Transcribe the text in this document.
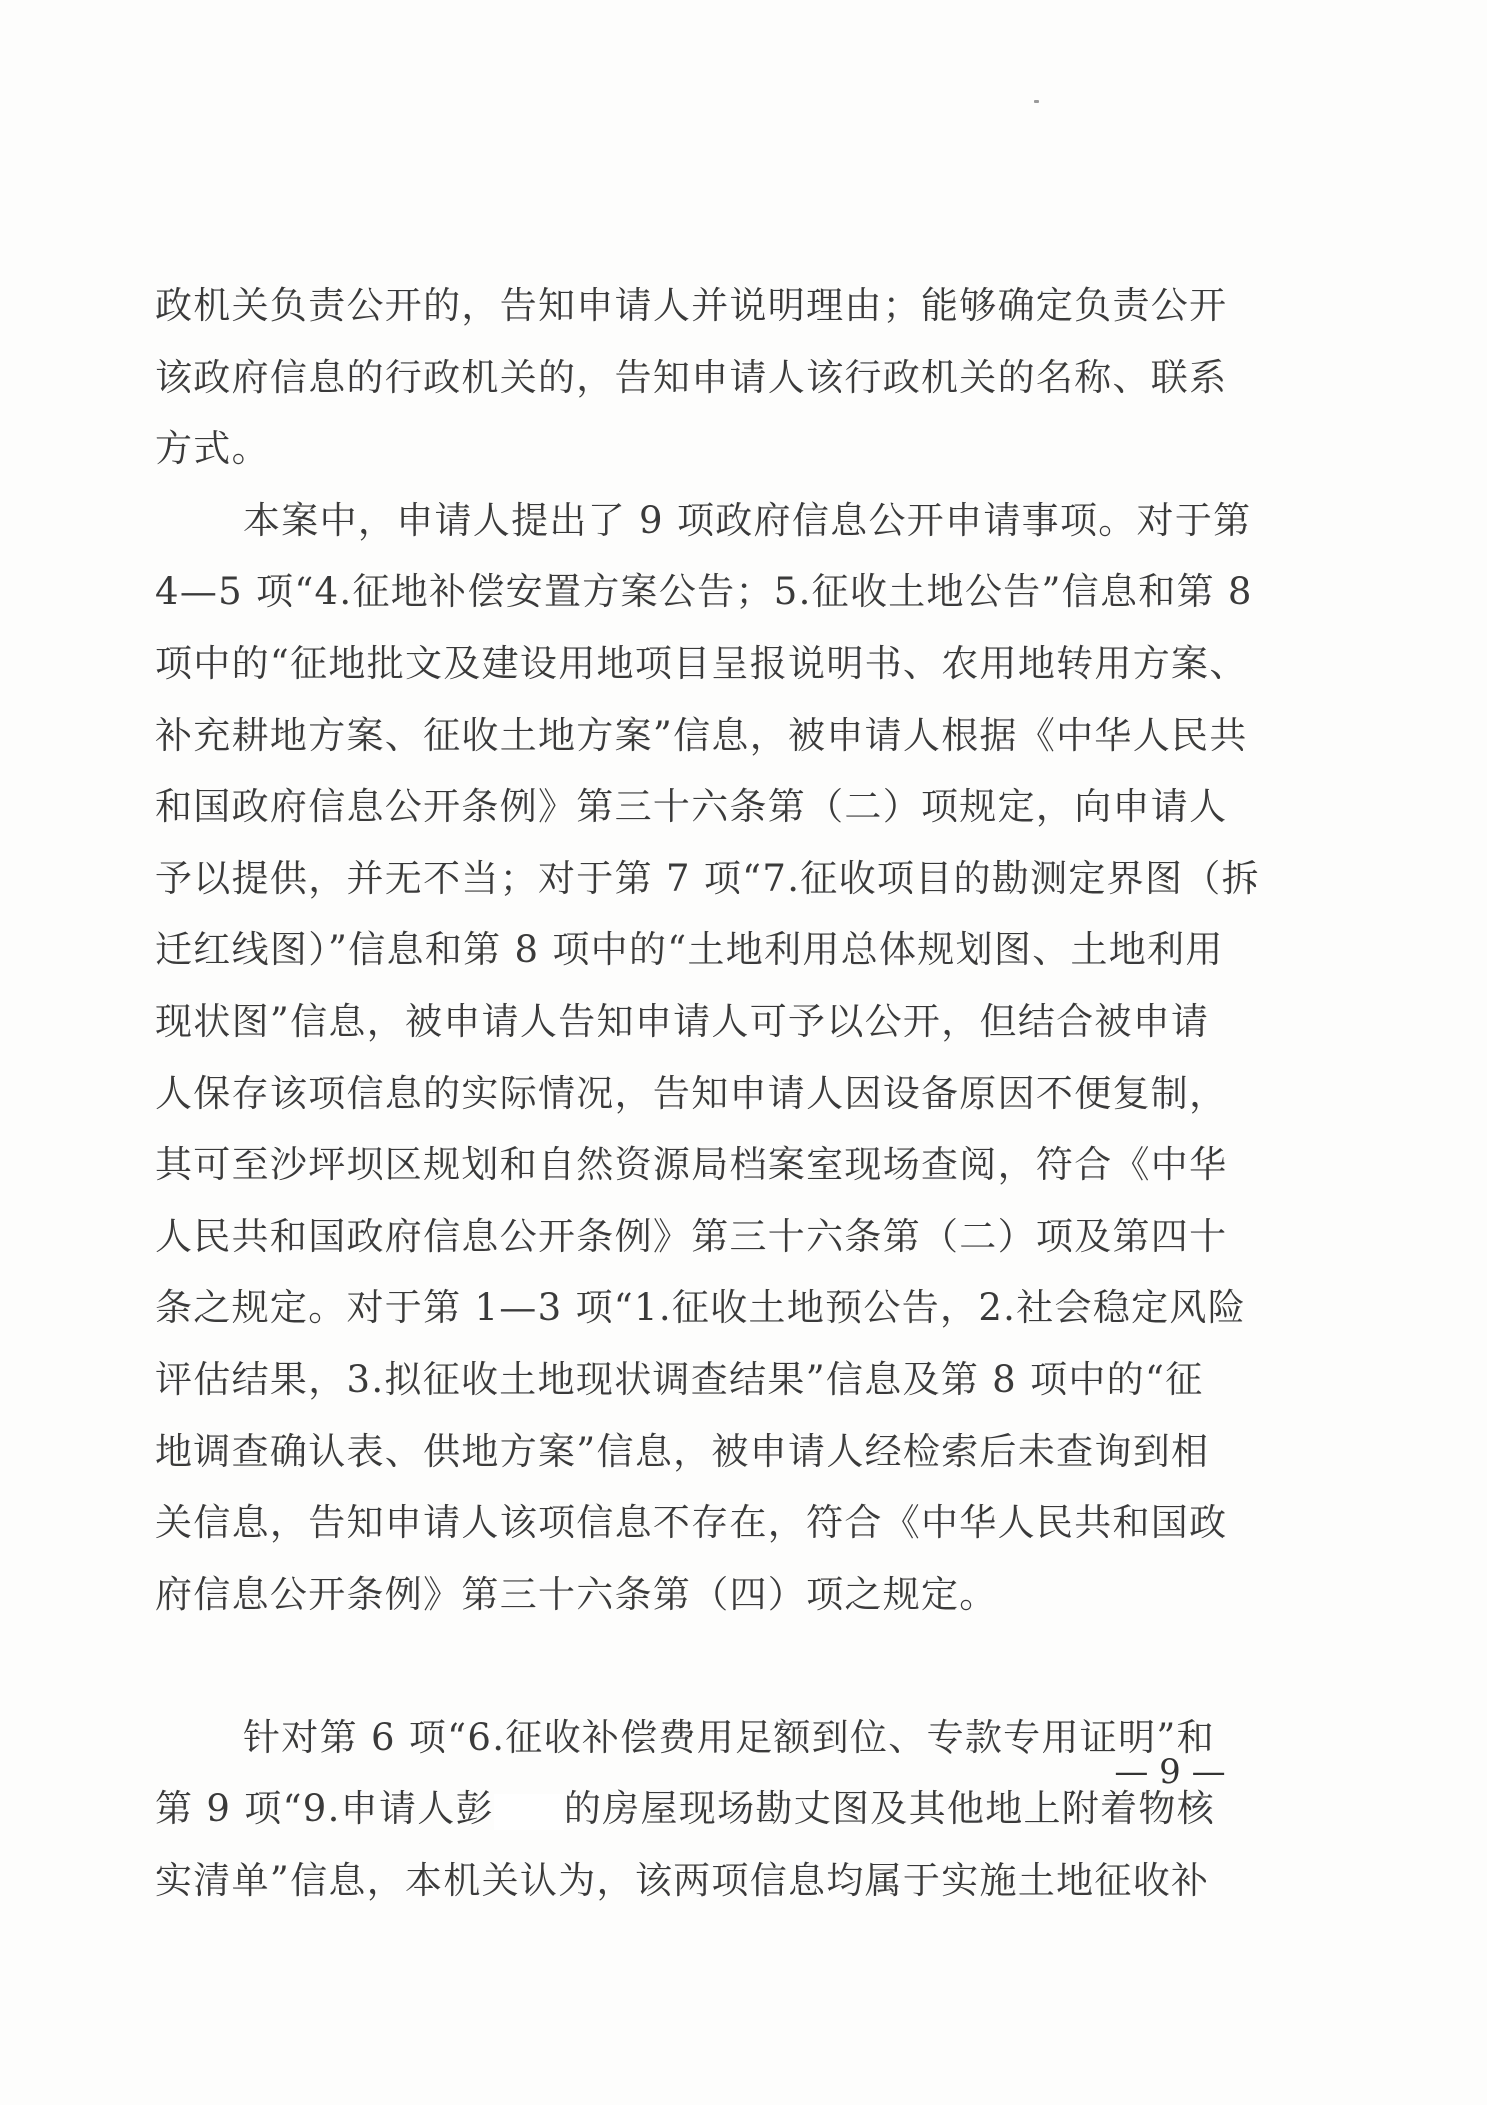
政机关负责公开的，告知申请人并说明理由；能够确定负责公开
该政府信息的行政机关的，告知申请人该行政机关的名称、联系
方式。
本案中，申请人提出了 9 项政府信息公开申请事项。对于第
4—5 项“4.征地补偿安置方案公告；5.征收土地公告”信息和第 8
项中的“征地批文及建设用地项目呈报说明书、农用地转用方案、
补充耕地方案、征收土地方案”信息，被申请人根据《中华人民共
和国政府信息公开条例》第三十六条第（二）项规定，向申请人
予以提供，并无不当；对于第 7 项“7.征收项目的勘测定界图（拆
迁红线图）”信息和第 8 项中的“土地利用总体规划图、土地利用
现状图”信息，被申请人告知申请人可予以公开，但结合被申请
人保存该项信息的实际情况，告知申请人因设备原因不便复制，
其可至沙坪坝区规划和自然资源局档案室现场查阅，符合《中华
人民共和国政府信息公开条例》第三十六条第（二）项及第四十
条之规定。对于第 1—3 项“1.征收土地预公告，2.社会稳定风险
评估结果，3.拟征收土地现状调查结果”信息及第 8 项中的“征
地调查确认表、供地方案”信息，被申请人经检索后未查询到相
关信息，告知申请人该项信息不存在，符合《中华人民共和国政
府信息公开条例》第三十六条第（四）项之规定。
针对第 6 项“6.征收补偿费用足额到位、专款专用证明”和
第 9 项“9.申请人彭 的房屋现场勘丈图及其他地上附着物核
实清单”信息，本机关认为，该两项信息均属于实施土地征收补
— 9 —
